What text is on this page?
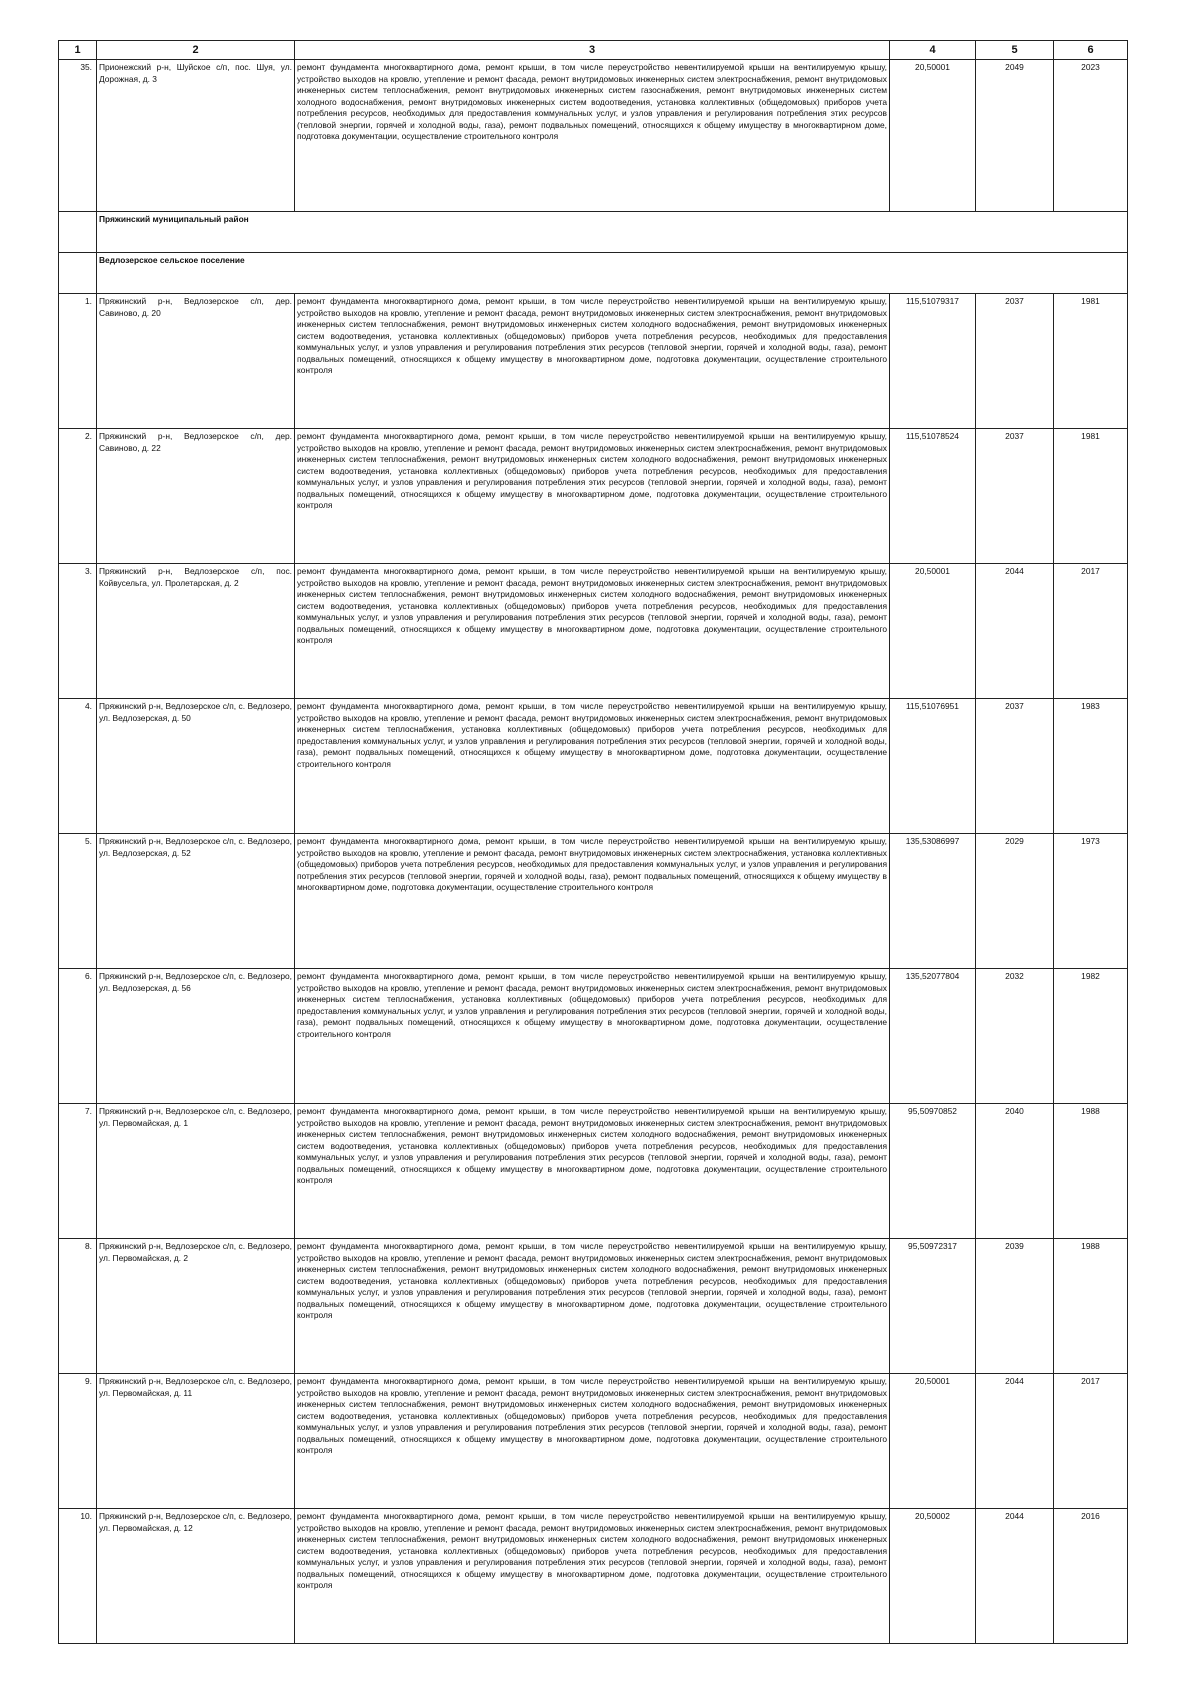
1	2	3	4	5	6
35.	Прионежский р-н, Шуйское с/п, пос. Шуя, ул. Дорожная, д. 3	ремонт фундамента многоквартирного дома, ремонт крыши, в том числе переустройство невентилируемой крыши на вентилируемую крышу, устройство выходов на кровлю, утепление и ремонт фасада, ремонт внутридомовых инженерных систем электроснабжения, ремонт внутридомовых инженерных систем теплоснабжения, ремонт внутридомовых инженерных систем газоснабжения, ремонт внутридомовых инженерных систем холодного водоснабжения, ремонт внутридомовых инженерных систем водоотведения, установка коллективных (общедомовых) приборов учета потребления ресурсов, необходимых для предоставления коммунальных услуг, и узлов управления и регулирования потребления этих ресурсов (тепловой энергии, горячей и холодной воды, газа), ремонт подвальных помещений, относящихся к общему имуществу в многоквартирном доме, подготовка документации, осуществление строительного контроля	20,50001	2049	2023
	Пряжинский муниципальный район				
	Ведлозерское сельское поселение				
1.	Пряжинский р-н, Ведлозерское с/п, дер. Савиново, д. 20	ремонт фундамента многоквартирного дома, ремонт крыши, в том числе переустройство невентилируемой крыши на вентилируемую крышу, устройство выходов на кровлю, утепление и ремонт фасада, ремонт внутридомовых инженерных систем электроснабжения, ремонт внутридомовых инженерных систем теплоснабжения, ремонт внутридомовых инженерных систем холодного водоснабжения, ремонт внутридомовых инженерных систем водоотведения, установка коллективных (общедомовых) приборов учета потребления ресурсов, необходимых для предоставления коммунальных услуг, и узлов управления и регулирования потребления этих ресурсов (тепловой энергии, горячей и холодной воды, газа), ремонт подвальных помещений, относящихся к общему имуществу в многоквартирном доме, подготовка документации, осуществление строительного контроля	115,51079317	2037	1981
2.	Пряжинский р-н, Ведлозерское с/п, дер. Савиново, д. 22	ремонт фундамента многоквартирного дома, ремонт крыши, в том числе переустройство невентилируемой крыши на вентилируемую крышу, устройство выходов на кровлю, утепление и ремонт фасада, ремонт внутридомовых инженерных систем электроснабжения, ремонт внутридомовых инженерных систем теплоснабжения, ремонт внутридомовых инженерных систем холодного водоснабжения, ремонт внутридомовых инженерных систем водоотведения, установка коллективных (общедомовых) приборов учета потребления ресурсов, необходимых для предоставления коммунальных услуг, и узлов управления и регулирования потребления этих ресурсов (тепловой энергии, горячей и холодной воды, газа), ремонт подвальных помещений, относящихся к общему имуществу в многоквартирном доме, подготовка документации, осуществление строительного контроля	115,51078524	2037	1981
3.	Пряжинский р-н, Ведлозерское с/п, пос. Койвусельга, ул. Пролетарская, д. 2	ремонт фундамента многоквартирного дома, ремонт крыши, в том числе переустройство невентилируемой крыши на вентилируемую крышу, устройство выходов на кровлю, утепление и ремонт фасада, ремонт внутридомовых инженерных систем электроснабжения, ремонт внутридомовых инженерных систем теплоснабжения, ремонт внутридомовых инженерных систем холодного водоснабжения, ремонт внутридомовых инженерных систем водоотведения, установка коллективных (общедомовых) приборов учета потребления ресурсов, необходимых для предоставления коммунальных услуг, и узлов управления и регулирования потребления этих ресурсов (тепловой энергии, горячей и холодной воды, газа), ремонт подвальных помещений, относящихся к общему имуществу в многоквартирном доме, подготовка документации, осуществление строительного контроля	20,50001	2044	2017
4.	Пряжинский р-н, Ведлозерское с/п, с. Ведлозеро, ул. Ведлозерская, д. 50	ремонт фундамента многоквартирного дома, ремонт крыши, в том числе переустройство невентилируемой крыши на вентилируемую крышу, устройство выходов на кровлю, утепление и ремонт фасада, ремонт внутридомовых инженерных систем электроснабжения, ремонт внутридомовых инженерных систем теплоснабжения, установка коллективных (общедомовых) приборов учета потребления ресурсов, необходимых для предоставления коммунальных услуг, и узлов управления и регулирования потребления этих ресурсов (тепловой энергии, горячей и холодной воды, газа), ремонт подвальных помещений, относящихся к общему имуществу в многоквартирном доме, подготовка документации, осуществление строительного контроля	115,51076951	2037	1983
5.	Пряжинский р-н, Ведлозерское с/п, с. Ведлозеро, ул. Ведлозерская, д. 52	ремонт фундамента многоквартирного дома, ремонт крыши, в том числе переустройство невентилируемой крыши на вентилируемую крышу, устройство выходов на кровлю, утепление и ремонт фасада, ремонт внутридомовых инженерных систем электроснабжения, установка коллективных (общедомовых) приборов учета потребления ресурсов, необходимых для предоставления коммунальных услуг, и узлов управления и регулирования потребления этих ресурсов (тепловой энергии, горячей и холодной воды, газа), ремонт подвальных помещений, относящихся к общему имуществу в многоквартирном доме, подготовка документации, осуществление строительного контроля	135,53086997	2029	1973
6.	Пряжинский р-н, Ведлозерское с/п, с. Ведлозеро, ул. Ведлозерская, д. 56	ремонт фундамента многоквартирного дома, ремонт крыши, в том числе переустройство невентилируемой крыши на вентилируемую крышу, устройство выходов на кровлю, утепление и ремонт фасада, ремонт внутридомовых инженерных систем электроснабжения, ремонт внутридомовых инженерных систем теплоснабжения, установка коллективных (общедомовых) приборов учета потребления ресурсов, необходимых для предоставления коммунальных услуг, и узлов управления и регулирования потребления этих ресурсов (тепловой энергии, горячей и холодной воды, газа), ремонт подвальных помещений, относящихся к общему имуществу в многоквартирном доме, подготовка документации, осуществление строительного контроля	135,52077804	2032	1982
7.	Пряжинский р-н, Ведлозерское с/п, с. Ведлозеро, ул. Первомайская, д. 1	ремонт фундамента многоквартирного дома, ремонт крыши, в том числе переустройство невентилируемой крыши на вентилируемую крышу, устройство выходов на кровлю, утепление и ремонт фасада, ремонт внутридомовых инженерных систем электроснабжения, ремонт внутридомовых инженерных систем теплоснабжения, ремонт внутридомовых инженерных систем холодного водоснабжения, ремонт внутридомовых инженерных систем водоотведения, установка коллективных (общедомовых) приборов учета потребления ресурсов, необходимых для предоставления коммунальных услуг, и узлов управления и регулирования потребления этих ресурсов (тепловой энергии, горячей и холодной воды, газа), ремонт подвальных помещений, относящихся к общему имуществу в многоквартирном доме, подготовка документации, осуществление строительного контроля	95,50970852	2040	1988
8.	Пряжинский р-н, Ведлозерское с/п, с. Ведлозеро, ул. Первомайская, д. 2	ремонт фундамента многоквартирного дома, ремонт крыши, в том числе переустройство невентилируемой крыши на вентилируемую крышу, устройство выходов на кровлю, утепление и ремонт фасада, ремонт внутридомовых инженерных систем электроснабжения, ремонт внутридомовых инженерных систем теплоснабжения, ремонт внутридомовых инженерных систем холодного водоснабжения, ремонт внутридомовых инженерных систем водоотведения, установка коллективных (общедомовых) приборов учета потребления ресурсов, необходимых для предоставления коммунальных услуг, и узлов управления и регулирования потребления этих ресурсов (тепловой энергии, горячей и холодной воды, газа), ремонт подвальных помещений, относящихся к общему имуществу в многоквартирном доме, подготовка документации, осуществление строительного контроля	95,50972317	2039	1988
9.	Пряжинский р-н, Ведлозерское с/п, с. Ведлозеро, ул. Первомайская, д. 11	ремонт фундамента многоквартирного дома, ремонт крыши, в том числе переустройство невентилируемой крыши на вентилируемую крышу, устройство выходов на кровлю, утепление и ремонт фасада, ремонт внутридомовых инженерных систем электроснабжения, ремонт внутридомовых инженерных систем теплоснабжения, ремонт внутридомовых инженерных систем холодного водоснабжения, ремонт внутридомовых инженерных систем водоотведения, установка коллективных (общедомовых) приборов учета потребления ресурсов, необходимых для предоставления коммунальных услуг, и узлов управления и регулирования потребления этих ресурсов (тепловой энергии, горячей и холодной воды, газа), ремонт подвальных помещений, относящихся к общему имуществу в многоквартирном доме, подготовка документации, осуществление строительного контроля	20,50001	2044	2017
10.	Пряжинский р-н, Ведлозерское с/п, с. Ведлозеро, ул. Первомайская, д. 12	ремонт фундамента многоквартирного дома, ремонт крыши, в том числе переустройство невентилируемой крыши на вентилируемую крышу, устройство выходов на кровлю, утепление и ремонт фасада, ремонт внутридомовых инженерных систем электроснабжения, ремонт внутридомовых инженерных систем теплоснабжения, ремонт внутридомовых инженерных систем холодного водоснабжения, ремонт внутридомовых инженерных систем водоотведения, установка коллективных (общедомовых) приборов учета потребления ресурсов, необходимых для предоставления коммунальных услуг, и узлов управления и регулирования потребления этих ресурсов (тепловой энергии, горячей и холодной воды, газа), ремонт подвальных помещений, относящихся к общему имуществу в многоквартирном доме, подготовка документации, осуществление строительного контроля	20,50002	2044	2016
